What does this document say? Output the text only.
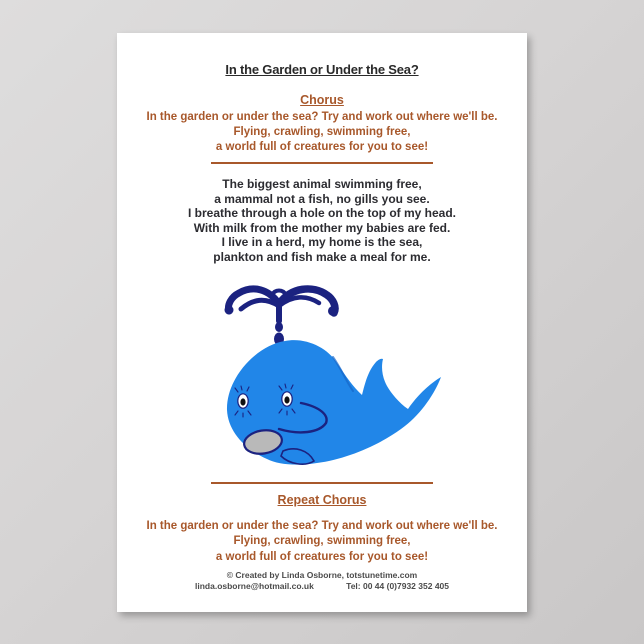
In the Garden or Under the Sea?
Chorus
In the garden or under the sea? Try and work out where we'll be.
Flying, crawling, swimming free,
a world full of creatures for you to see!
The biggest animal swimming free,
a mammal not a fish, no gills you see.
I breathe through a hole on the top of my head.
With milk from the mother my babies are fed.
I live in a herd, my home is the sea,
plankton and fish make a meal for me.
Repeat Chorus
In the garden or under the sea? Try and work out where we'll be.
Flying, crawling, swimming free,
a world full of creatures for you to see!
© Created by Linda Osborne, totstunetime.com
linda.osborne@hotmail.co.uk	Tel: 00 44 (0)7932 352 405
